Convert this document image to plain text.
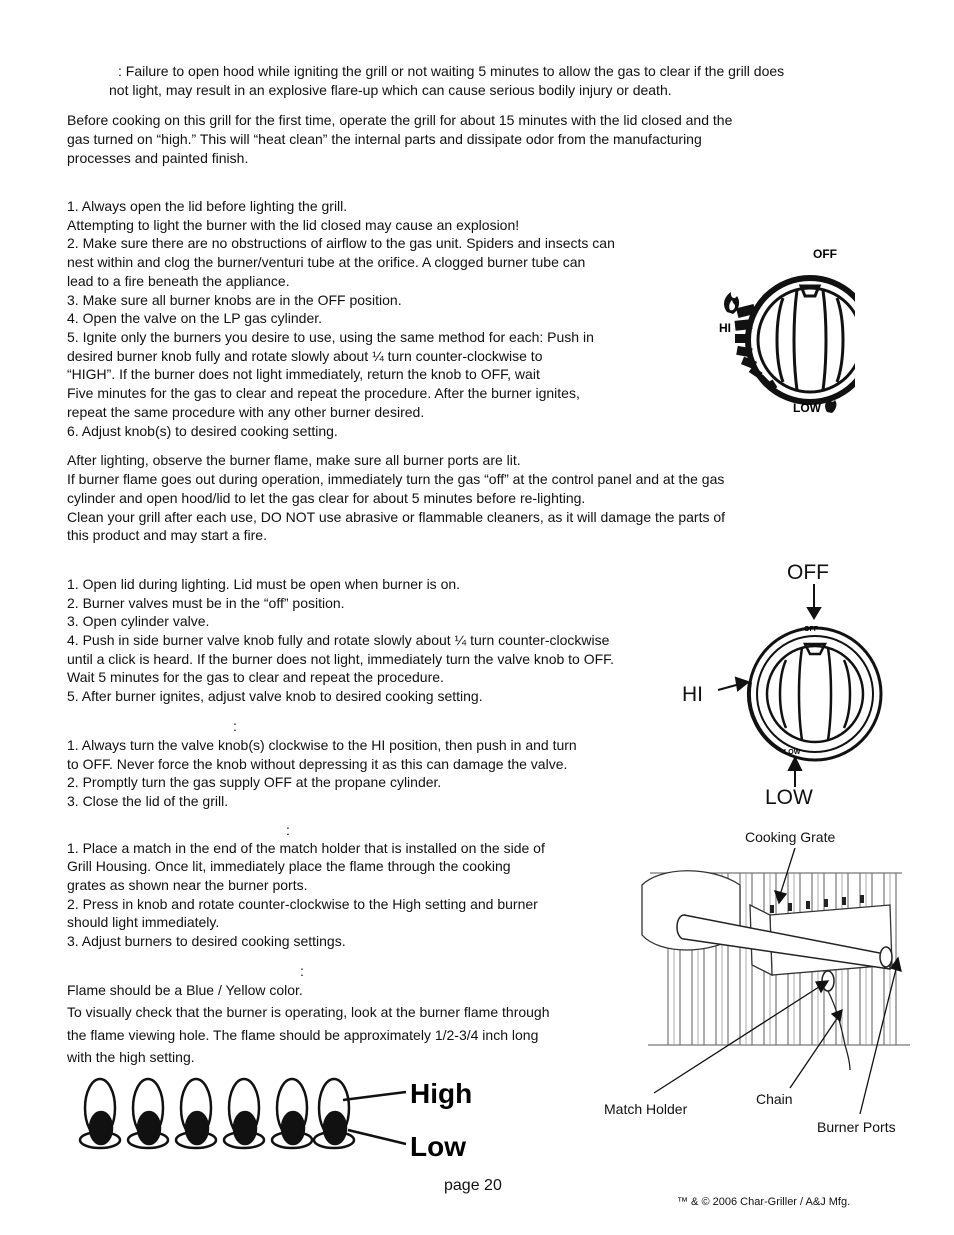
: Failure to open hood while igniting the grill or not waiting 5 minutes to allow the gas to clear if the grill does
not light, may result in an explosive flare-up which can cause serious bodily injury or death.
Before cooking on this grill for the first time, operate the grill for about 15 minutes with the lid closed and the
gas turned on “high.” This will “heat clean” the internal parts and dissipate odor from the manufacturing
processes and painted finish.
1. Always open the lid before lighting the grill.
Attempting to light the burner with the lid closed may cause an explosion!
2. Make sure there are no obstructions of airflow to the gas unit. Spiders and insects can
nest within and clog the burner/venturi tube at the orifice. A clogged burner tube can
lead to a fire beneath the appliance.
3. Make sure all burner knobs are in the OFF position.
4. Open the valve on the LP gas cylinder.
5. Ignite only the burners you desire to use, using the same method for each: Push in
desired burner knob fully and rotate slowly about ¼ turn counter-clockwise to
“HIGH”. If the burner does not light immediately, return the knob to OFF, wait
Five minutes for the gas to clear and repeat the procedure. After the burner ignites,
repeat the same procedure with any other burner desired.
6. Adjust knob(s) to desired cooking setting.
HI
OFF
LOW
After lighting, observe the burner flame, make sure all burner ports are lit.
If burner flame goes out during operation, immediately turn the gas “off” at the control panel and at the gas
cylinder and open hood/lid to let the gas clear for about 5 minutes before re-lighting.
Clean your grill after each use, DO NOT use abrasive or flammable cleaners, as it will damage the parts of
this product and may start a fire.
1. Open lid during lighting. Lid must be open when burner is on.
2. Burner valves must be in the “off” position.
3. Open cylinder valve.
4. Push in side burner valve knob fully and rotate slowly about ¼ turn counter-clockwise
until a click is heard. If the burner does not light, immediately turn the valve knob to OFF.
Wait 5 minutes for the gas to clear and repeat the procedure.
5. After burner ignites, adjust valve knob to desired cooking setting.
OFF
HI
LOW
OFF
LOW
:
1. Always turn the valve knob(s) clockwise to the HI position, then push in and turn
to OFF. Never force the knob without depressing it as this can damage the valve.
2. Promptly turn the gas supply OFF at the propane cylinder.
3. Close the lid of the grill.
:
1. Place a match in the end of the match holder that is installed on the side of
Grill Housing. Once lit, immediately place the flame through the cooking
grates as shown near the burner ports.
2. Press in knob and rotate counter-clockwise to the High setting and burner
should light immediately.
3. Adjust burners to desired cooking settings.
:
Flame should be a Blue / Yellow color.
To visually check that the burner is operating, look at the burner flame through
the flame viewing hole. The flame should be approximately 1/2-3/4 inch long
with the high setting.
Cooking Grate
Match Holder
Chain
Burner Ports
High
Low
page 20
™ & © 2006 Char-Griller / A&J Mfg.
